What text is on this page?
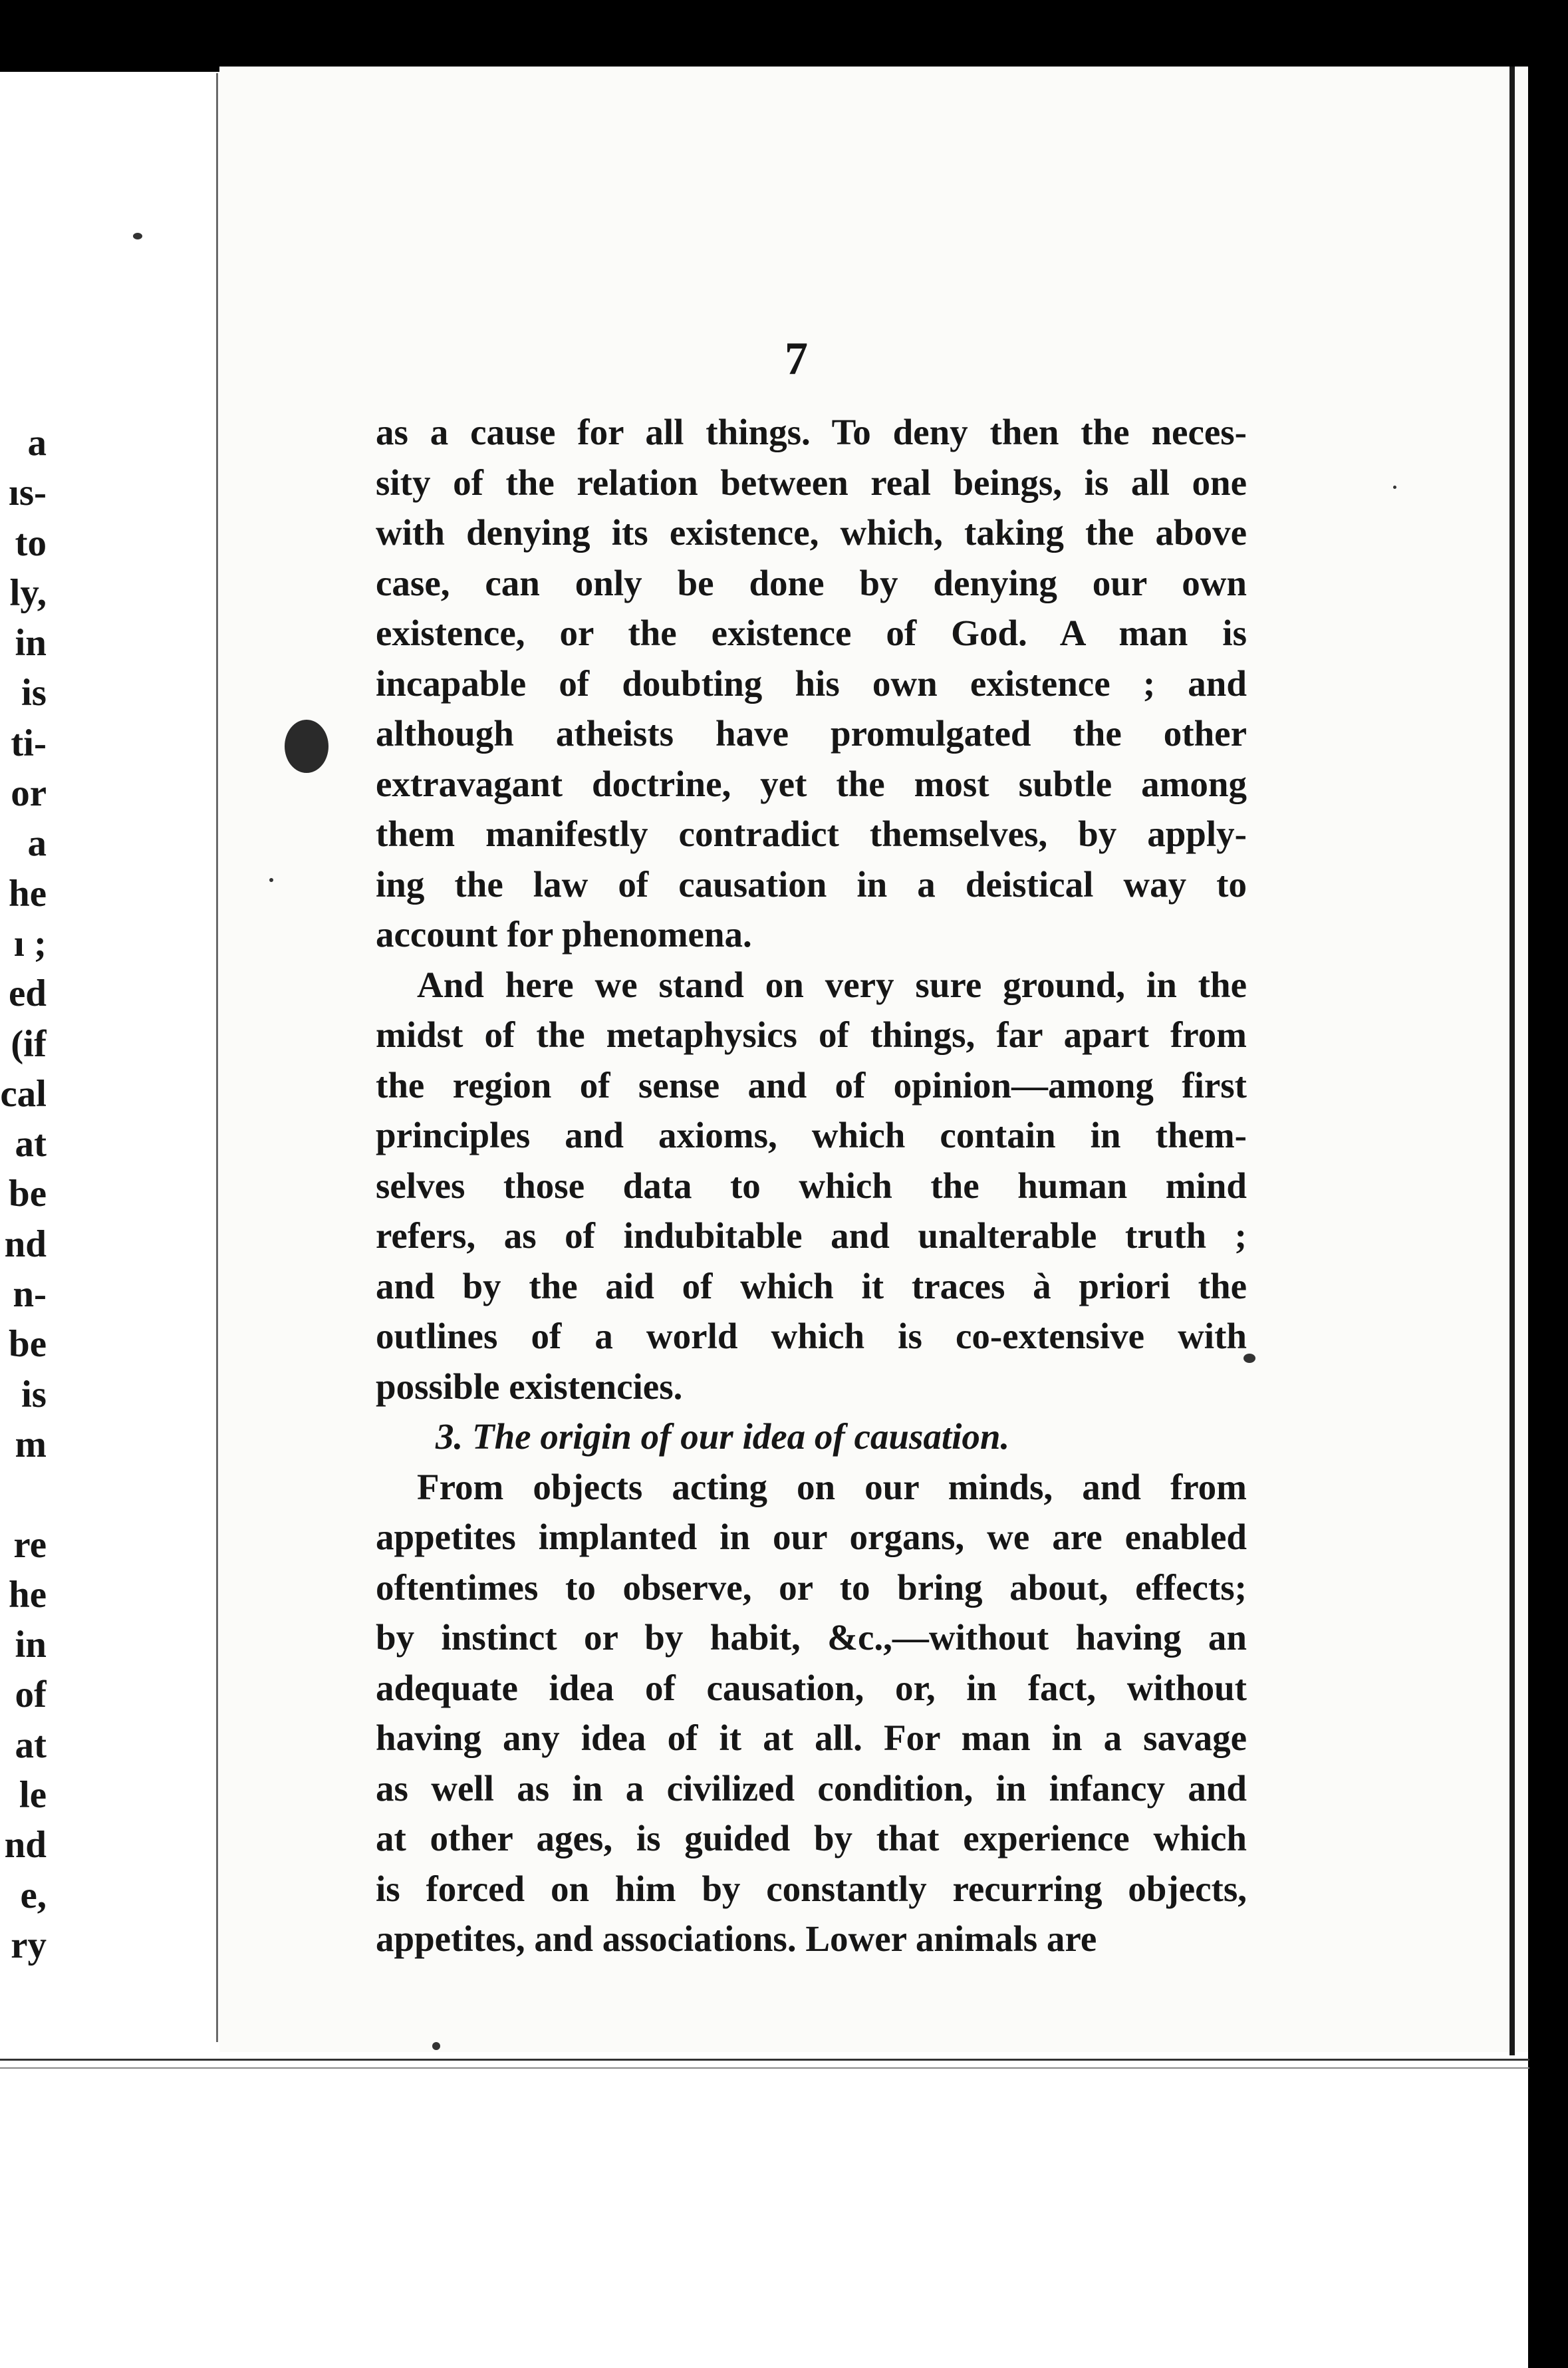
a
ıs-
to
ly,
in
is
ti-
or
a
he
ı ;
ed
(if
cal
at
be
nd
n-
be
is
m
re
he
in
of
at
le
nd
e,
ry
7
as a cause for all things. To deny then the neces-
sity of the relation between real beings, is all one
with denying its existence, which, taking the above
case, can only be done by denying our own
existence, or the existence of God. A man is
incapable of doubting his own existence ; and
although atheists have promulgated the other
extravagant doctrine, yet the most subtle among
them manifestly contradict themselves, by apply-
ing the law of causation in a deistical way to
account for phenomena.
And here we stand on very sure ground, in the
midst of the metaphysics of things, far apart from
the region of sense and of opinion—among first
principles and axioms, which contain in them-
selves those data to which the human mind
refers, as of indubitable and unalterable truth ;
and by the aid of which it traces à priori the
outlines of a world which is co-extensive with
possible existencies.
3. The origin of our idea of causation.
From objects acting on our minds, and from
appetites implanted in our organs, we are enabled
oftentimes to observe, or to bring about, effects;
by instinct or by habit, &c.,—without having an
adequate idea of causation, or, in fact, without
having any idea of it at all. For man in a savage
as well as in a civilized condition, in infancy and
at other ages, is guided by that experience which
is forced on him by constantly recurring objects,
appetites, and associations. Lower animals are
